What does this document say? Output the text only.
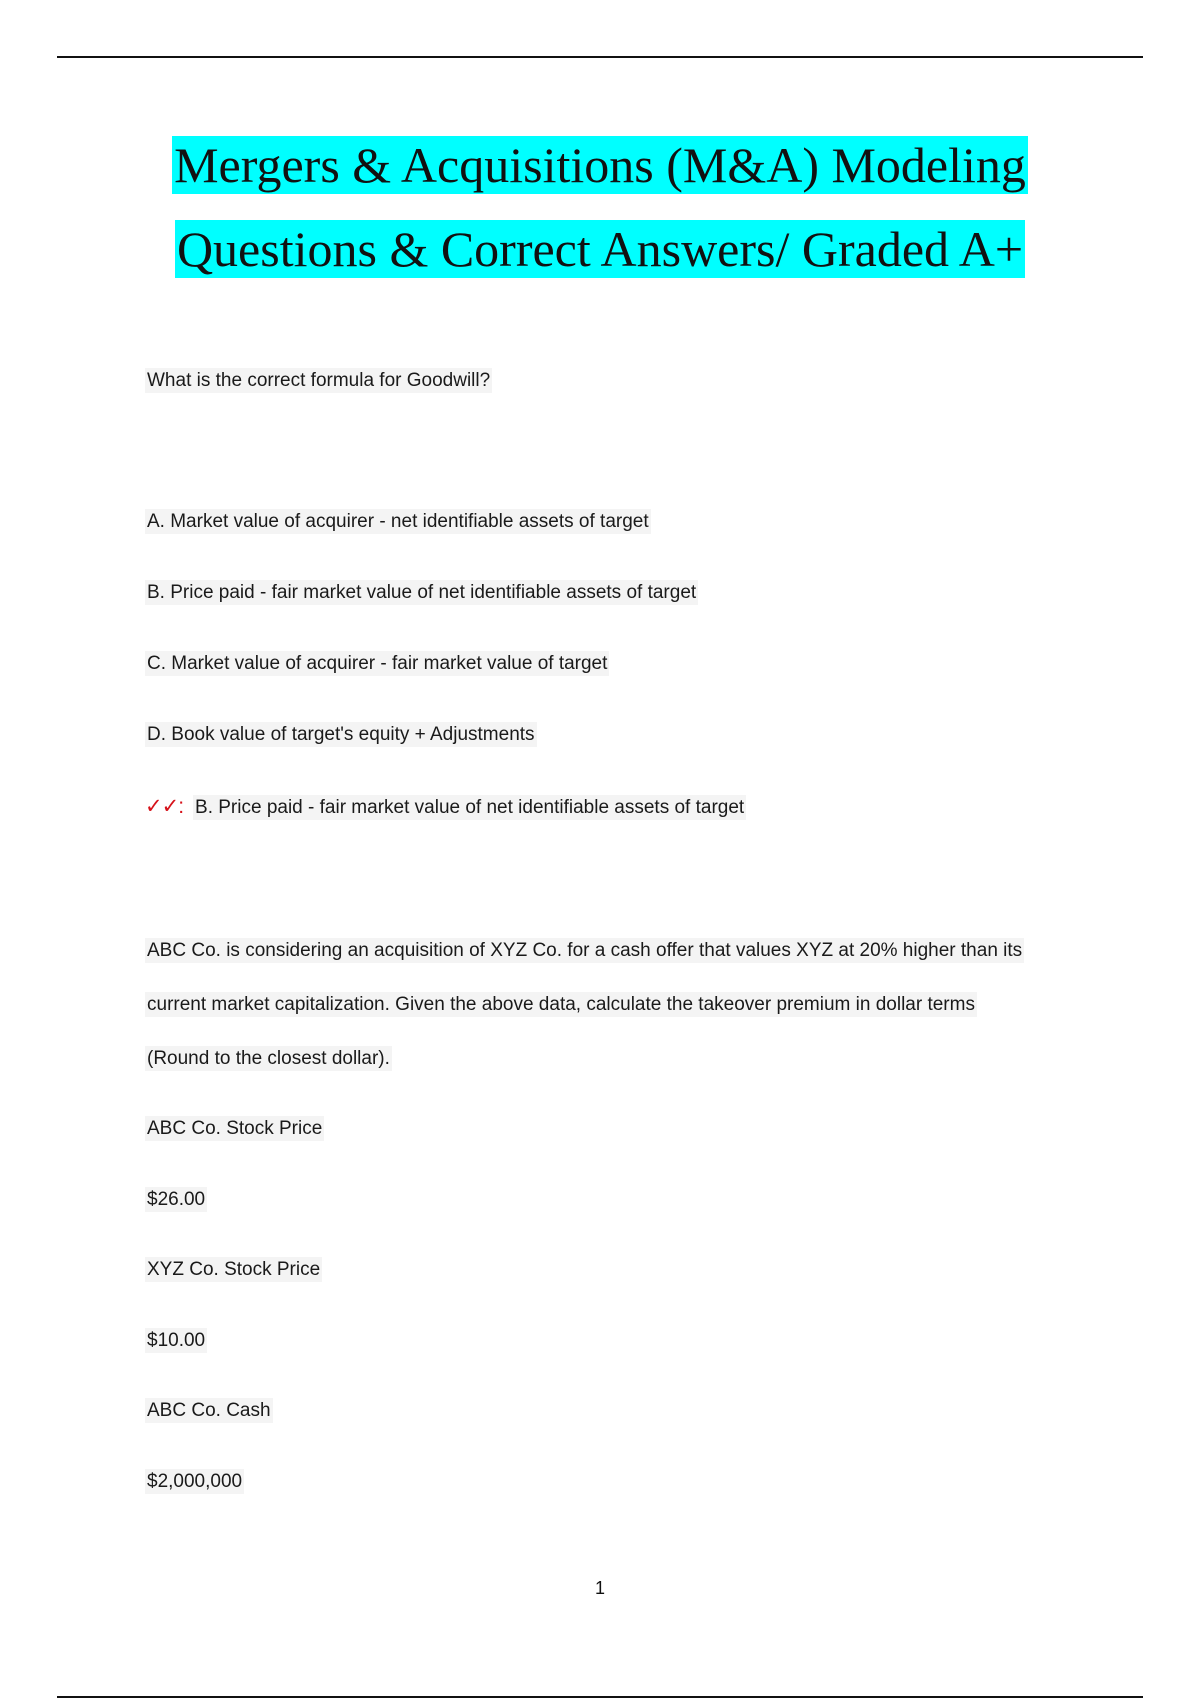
Mergers & Acquisitions (M&A) Modeling
Questions & Correct Answers/ Graded A+
What is the correct formula for Goodwill?
A. Market value of acquirer - net identifiable assets of target
B. Price paid - fair market value of net identifiable assets of target
C. Market value of acquirer - fair market value of target
D. Book value of target's equity + Adjustments
✓✓: B. Price paid - fair market value of net identifiable assets of target
ABC Co. is considering an acquisition of XYZ Co. for a cash offer that values XYZ at 20% higher than its
current market capitalization. Given the above data, calculate the takeover premium in dollar terms
(Round to the closest dollar).
ABC Co. Stock Price
$26.00
XYZ Co. Stock Price
$10.00
ABC Co. Cash
$2,000,000
1
